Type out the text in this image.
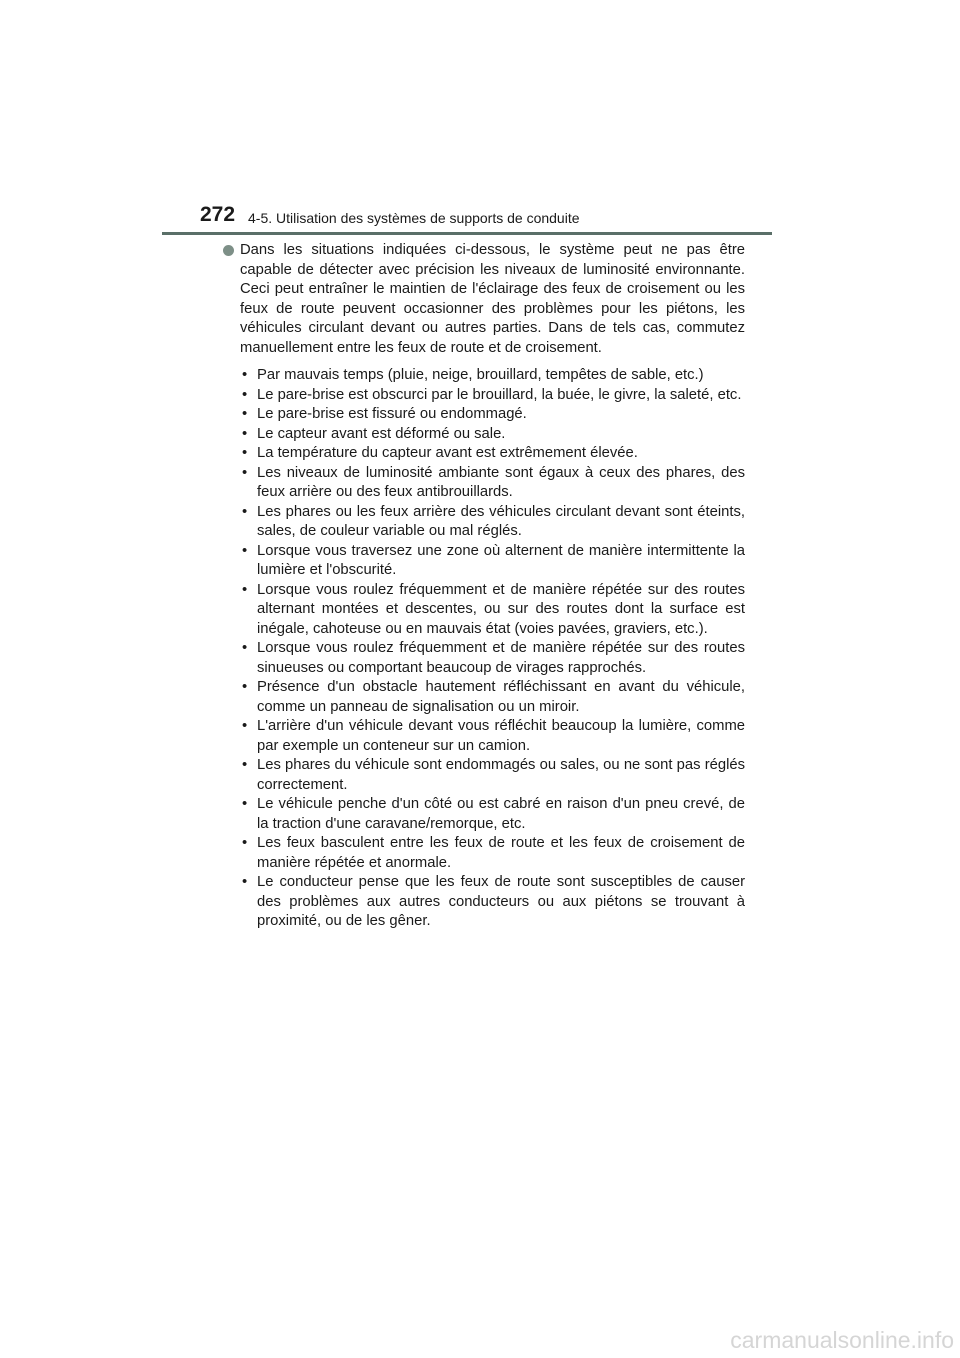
272 4-5. Utilisation des systèmes de supports de conduite

Dans les situations indiquées ci-dessous, le système peut ne pas être capable de détecter avec précision les niveaux de luminosité environnante. Ceci peut entraîner le maintien de l'éclairage des feux de croisement ou les feux de route peuvent occasionner des problèmes pour les piétons, les véhicules circulant devant ou autres parties. Dans de tels cas, commutez manuellement entre les feux de route et de croisement.

• Par mauvais temps (pluie, neige, brouillard, tempêtes de sable, etc.)
• Le pare-brise est obscurci par le brouillard, la buée, le givre, la saleté, etc.
• Le pare-brise est fissuré ou endommagé.
• Le capteur avant est déformé ou sale.
• La température du capteur avant est extrêmement élevée.
• Les niveaux de luminosité ambiante sont égaux à ceux des phares, des feux arrière ou des feux antibrouillards.
• Les phares ou les feux arrière des véhicules circulant devant sont éteints, sales, de couleur variable ou mal réglés.
• Lorsque vous traversez une zone où alternent de manière intermittente la lumière et l'obscurité.
• Lorsque vous roulez fréquemment et de manière répétée sur des routes alternant montées et descentes, ou sur des routes dont la surface est inégale, cahoteuse ou en mauvais état (voies pavées, graviers, etc.).
• Lorsque vous roulez fréquemment et de manière répétée sur des routes sinueuses ou comportant beaucoup de virages rapprochés.
• Présence d'un obstacle hautement réfléchissant en avant du véhicule, comme un panneau de signalisation ou un miroir.
• L'arrière d'un véhicule devant vous réfléchit beaucoup la lumière, comme par exemple un conteneur sur un camion.
• Les phares du véhicule sont endommagés ou sales, ou ne sont pas réglés correctement.
• Le véhicule penche d'un côté ou est cabré en raison d'un pneu crevé, de la traction d'une caravane/remorque, etc.
• Les feux basculent entre les feux de route et les feux de croisement de manière répétée et anormale.
• Le conducteur pense que les feux de route sont susceptibles de causer des problèmes aux autres conducteurs ou aux piétons se trouvant à proximité, ou de les gêner.
carmanualsonline.info
